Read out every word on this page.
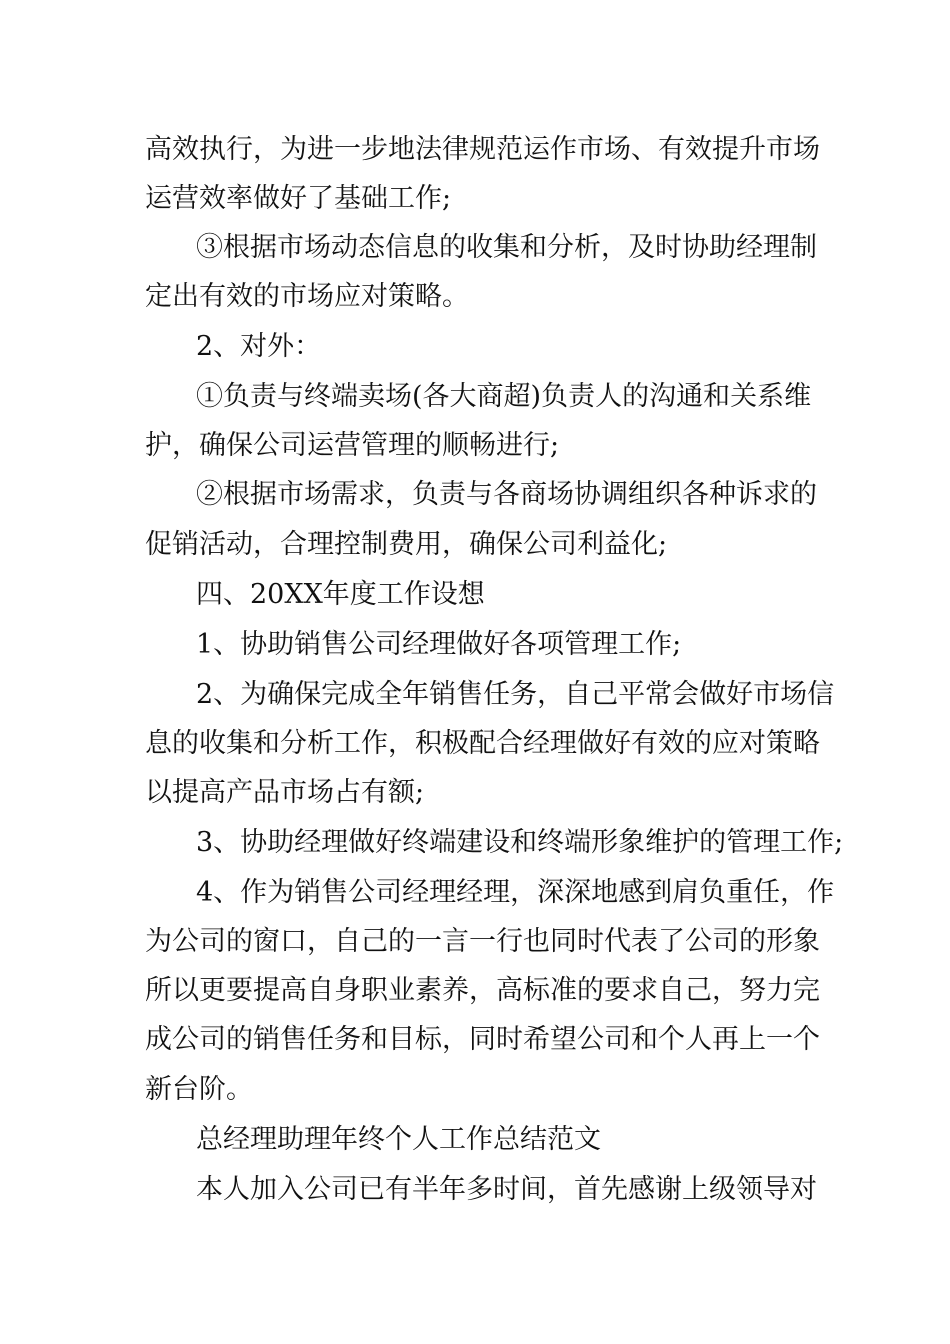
高效执行，为进一步地法律规范运作市场、有效提升市场
运营效率做好了基础工作;
③根据市场动态信息的收集和分析，及时协助经理制
定出有效的市场应对策略。
2、对外：
①负责与终端卖场(各大商超)负责人的沟通和关系维
护，确保公司运营管理的顺畅进行;
②根据市场需求，负责与各商场协调组织各种诉求的
促销活动，合理控制费用，确保公司利益化;
四、20XX年度工作设想
1、协助销售公司经理做好各项管理工作;
2、为确保完成全年销售任务，自己平常会做好市场信
息的收集和分析工作，积极配合经理做好有效的应对策略
以提高产品市场占有额;
3、协助经理做好终端建设和终端形象维护的管理工作;
4、作为销售公司经理经理，深深地感到肩负重任，作
为公司的窗口，自己的一言一行也同时代表了公司的形象
所以更要提高自身职业素养，高标准的要求自己，努力完
成公司的销售任务和目标，同时希望公司和个人再上一个
新台阶。
总经理助理年终个人工作总结范文
本人加入公司已有半年多时间，首先感谢上级领导对
